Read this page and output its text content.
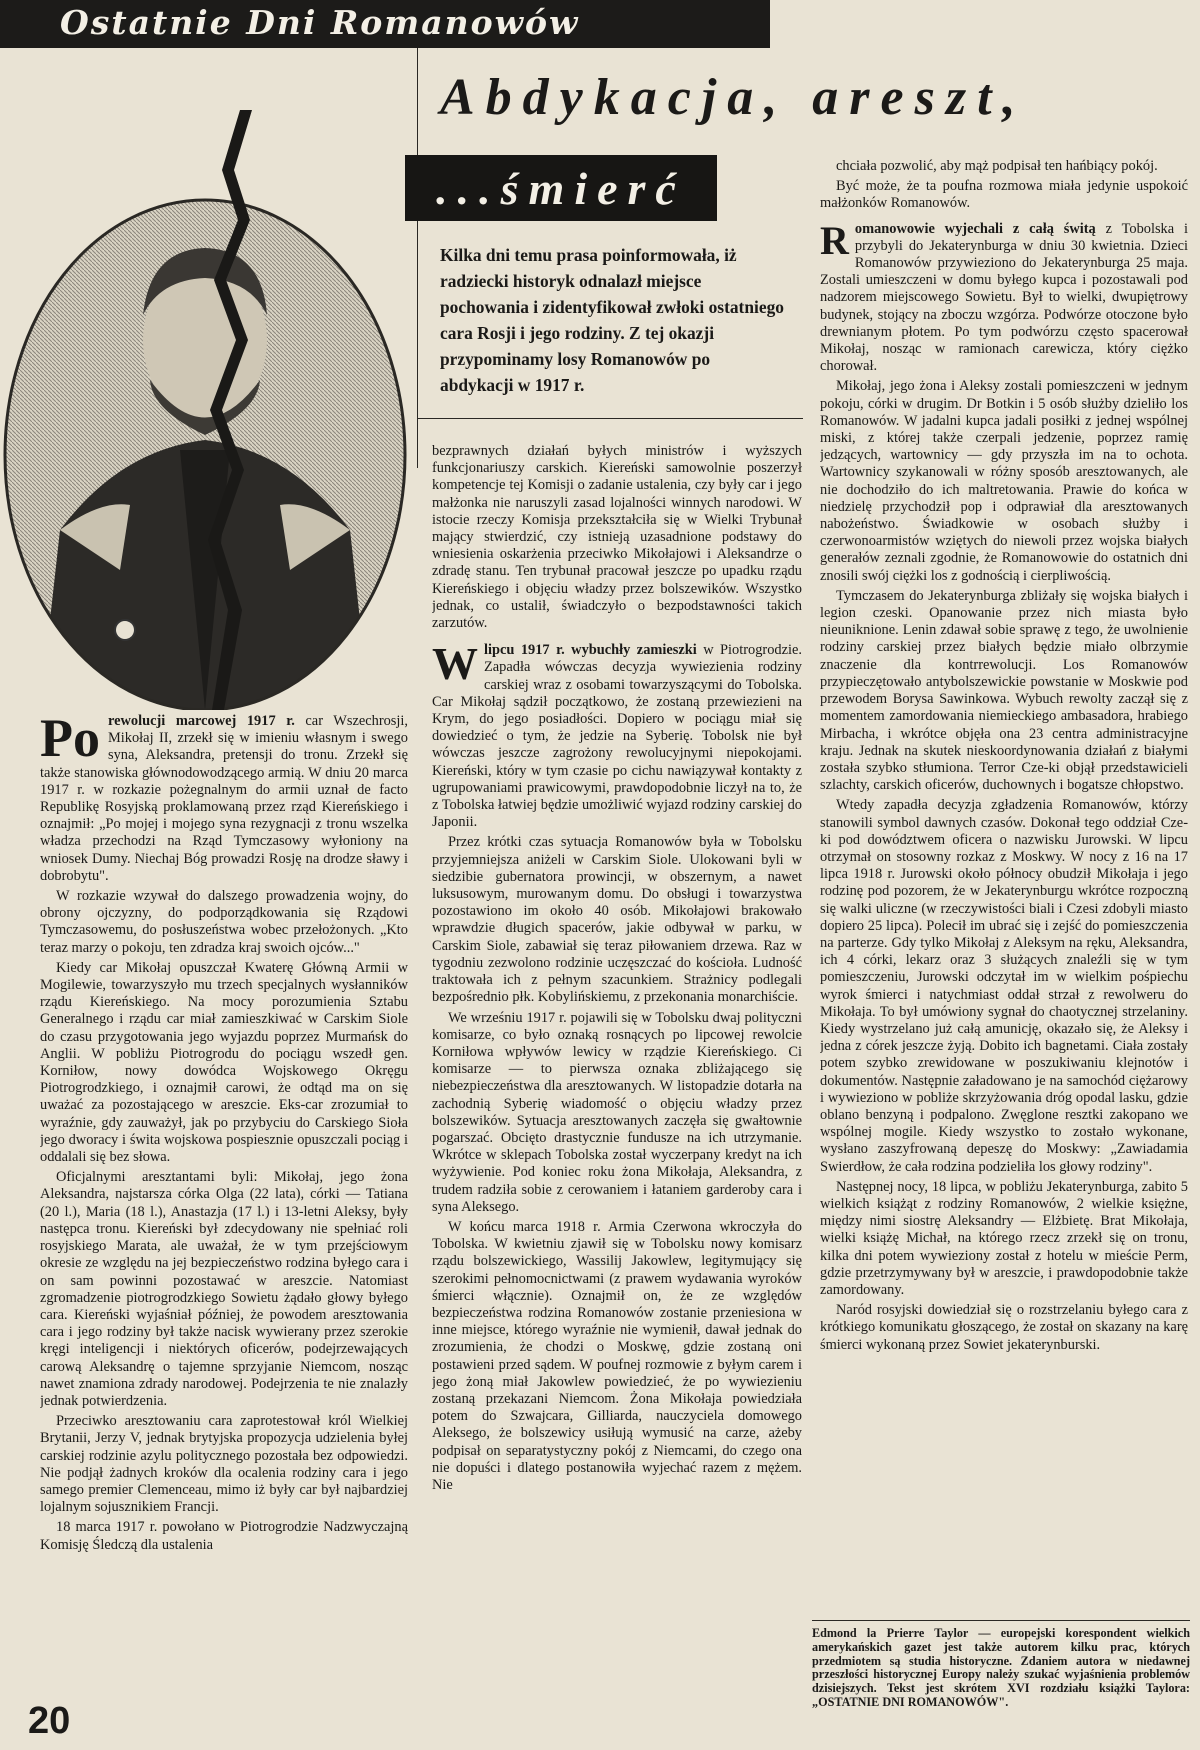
Ostatnie Dni Romanowów
Abdykacja, areszt,
...śmierć
Kilka dni temu prasa poinformowała, iż radziecki historyk odnalazł miejsce pochowania i zidentyfikował zwłoki ostatniego cara Rosji i jego rodziny. Z tej okazji przypominamy losy Romanowów po abdykacji w 1917 r.

Po rewolucji marcowej 1917 r. car Wszechrosji, Mikołaj II, zrzekł się w imieniu własnym i swego syna, Aleksandra, pretensji do tronu. Zrzekł się także stanowiska głównodowodzącego armią. W dniu 20 marca 1917 r. w rozkazie pożegnalnym do armii uznał de facto Republikę Rosyjską proklamowaną przez rząd Kiereńskiego i oznajmił: „Po mojej i mojego syna rezygnacji z tronu wszelka władza przechodzi na Rząd Tymczasowy wyłoniony na wniosek Dumy. Niechaj Bóg prowadzi Rosję na drodze sławy i dobrobytu".

W rozkazie wzywał do dalszego prowadzenia wojny, do obrony ojczyzny, do podporządkowania się Rządowi Tymczasowemu, do posłuszeństwa wobec przełożonych. „Kto teraz marzy o pokoju, ten zdradza kraj swoich ojców..."

Kiedy car Mikołaj opuszczał Kwaterę Główną Armii w Mogilewie, towarzyszyło mu trzech specjalnych wysłanników rządu Kiereńskiego. Na mocy porozumienia Sztabu Generalnego i rządu car miał zamieszkiwać w Carskim Siole do czasu przygotowania jego wyjazdu poprzez Murmańsk do Anglii. W pobliżu Piotrogrodu do pociągu wszedł gen. Korniłow, nowy dowódca Wojskowego Okręgu Piotrogrodzkiego, i oznajmił carowi, że odtąd ma on się uważać za pozostającego w areszcie. Eks-car zrozumiał to wyraźnie, gdy zauważył, jak po przybyciu do Carskiego Sioła jego dworacy i świta wojskowa pospiesznie opuszczali pociąg i oddalali się bez słowa.

Oficjalnymi aresztantami byli: Mikołaj, jego żona Aleksandra, najstarsza córka Olga (22 lata), córki — Tatiana (20 l.), Maria (18 l.), Anastazja (17 l.) i 13-letni Aleksy, były następca tronu. Kiereński był zdecydowany nie spełniać roli rosyjskiego Marata, ale uważał, że w tym przejściowym okresie ze względu na jej bezpieczeństwo rodzina byłego cara i on sam powinni pozostawać w areszcie. Natomiast zgromadzenie piotrogrodzkiego Sowietu żądało głowy byłego cara. Kiereński wyjaśniał później, że powodem aresztowania cara i jego rodziny był także nacisk wywierany przez szerokie kręgi inteligencji i niektórych oficerów, podejrzewających carową Aleksandrę o tajemne sprzyjanie Niemcom, nosząc nawet znamiona zdrady narodowej. Podejrzenia te nie znalazły jednak potwierdzenia.

Przeciwko aresztowaniu cara zaprotestował król Wielkiej Brytanii, Jerzy V, jednak brytyjska propozycja udzielenia byłej carskiej rodzinie azylu politycznego pozostała bez odpowiedzi. Nie podjął żadnych kroków dla ocalenia rodziny cara i jego samego premier Clemenceau, mimo iż były car był najbardziej lojalnym sojusznikiem Francji.

18 marca 1917 r. powołano w Piotrogrodzie Nadzwyczajną Komisję Śledczą dla ustalenia

bezprawnych działań byłych ministrów i wyższych funkcjonariuszy carskich. Kiereński samowolnie poszerzył kompetencje tej Komisji o zadanie ustalenia, czy były car i jego małżonka nie naruszyli zasad lojalności winnych narodowi. W istocie rzeczy Komisja przekształciła się w Wielki Trybunał mający stwierdzić, czy istnieją uzasadnione podstawy do wniesienia oskarżenia przeciwko Mikołajowi i Aleksandrze o zdradę stanu. Ten trybunał pracował jeszcze po upadku rządu Kiereńskiego i objęciu władzy przez bolszewików. Wszystko jednak, co ustalił, świadczyło o bezpodstawności takich zarzutów.

Wlipcu 1917 r. wybuchły zamieszki w Piotrogrodzie. Zapadła wówczas decyzja wywiezienia rodziny carskiej wraz z osobami towarzyszącymi do Tobolska. Car Mikołaj sądził początkowo, że zostaną przewiezieni na Krym, do jego posiadłości. Dopiero w pociągu miał się dowiedzieć o tym, że jedzie na Syberię. Tobolsk nie był wówczas jeszcze zagrożony rewolucyjnymi niepokojami. Kiereński, który w tym czasie po cichu nawiązywał kontakty z ugrupowaniami prawicowymi, prawdopodobnie liczył na to, że z Tobolska łatwiej będzie umożliwić wyjazd rodziny carskiej do Japonii.

Przez krótki czas sytuacja Romanowów była w Tobolsku przyjemniejsza aniżeli w Carskim Siole. Ulokowani byli w siedzibie gubernatora prowincji, w obszernym, a nawet luksusowym, murowanym domu. Do obsługi i towarzystwa pozostawiono im około 40 osób. Mikołajowi brakowało wprawdzie długich spacerów, jakie odbywał w parku, w Carskim Siole, zabawiał się teraz piłowaniem drzewa. Raz w tygodniu zezwolono rodzinie uczęszczać do kościoła. Ludność traktowała ich z pełnym szacunkiem. Strażnicy podlegali bezpośrednio płk. Kobylińskiemu, z przekonania monarchiście.

We wrześniu 1917 r. pojawili się w Tobolsku dwaj polityczni komisarze, co było oznaką rosnących po lipcowej rewolcie Korniłowa wpływów lewicy w rządzie Kiereńskiego. Ci komisarze — to pierwsza oznaka zbliżającego się niebezpieczeństwa dla aresztowanych. W listopadzie dotarła na zachodnią Syberię wiadomość o objęciu władzy przez bolszewików. Sytuacja aresztowanych zaczęła się gwałtownie pogarszać. Obcięto drastycznie fundusze na ich utrzymanie. Wkrótce w sklepach Tobolska został wyczerpany kredyt na ich wyżywienie. Pod koniec roku żona Mikołaja, Aleksandra, z trudem radziła sobie z cerowaniem i łataniem garderoby cara i syna Aleksego.

W końcu marca 1918 r. Armia Czerwona wkroczyła do Tobolska. W kwietniu zjawił się w Tobolsku nowy komisarz rządu bolszewickiego, Wassilij Jakowlew, legitymujący się szerokimi pełnomocnictwami (z prawem wydawania wyroków śmierci włącznie). Oznajmił on, że ze względów bezpieczeństwa rodzina Romanowów zostanie przeniesiona w inne miejsce, którego wyraźnie nie wymienił, dawał jednak do zrozumienia, że chodzi o Moskwę, gdzie zostaną oni postawieni przed sądem. W poufnej rozmowie z byłym carem i jego żoną miał Jakowlew powiedzieć, że po wywiezieniu zostaną przekazani Niemcom. Żona Mikołaja powiedziała potem do Szwajcara, Gilliarda, nauczyciela domowego Aleksego, że bolszewicy usiłują wymusić na carze, ażeby podpisał on separatystyczny pokój z Niemcami, do czego ona nie dopuści i dlatego postanowiła wyjechać razem z mężem. Nie

chciała pozwolić, aby mąż podpisał ten hańbiący pokój.

Być może, że ta poufna rozmowa miała jedynie uspokoić małżonków Romanowów.

Romanowowie wyjechali z całą świtą z Tobolska i przybyli do Jekaterynburga w dniu 30 kwietnia. Dzieci Romanowów przywieziono do Jekaterynburga 25 maja. Zostali umieszczeni w domu byłego kupca i pozostawali pod nadzorem miejscowego Sowietu. Był to wielki, dwupiętrowy budynek, stojący na zboczu wzgórza. Podwórze otoczone było drewnianym płotem. Po tym podwórzu często spacerował Mikołaj, nosząc w ramionach carewicza, który ciężko chorował.

Mikołaj, jego żona i Aleksy zostali pomieszczeni w jednym pokoju, córki w drugim. Dr Botkin i 5 osób służby dzieliło los Romanowów. W jadalni kupca jadali posiłki z jednej wspólnej miski, z której także czerpali jedzenie, poprzez ramię jedzących, wartownicy — gdy przyszła im na to ochota. Wartownicy szykanowali w różny sposób aresztowanych, ale nie dochodziło do ich maltretowania. Prawie do końca w niedzielę przychodził pop i odprawiał dla aresztowanych nabożeństwo. Świadkowie w osobach służby i czerwonoarmistów wziętych do niewoli przez wojska białych generałów zeznali zgodnie, że Romanowowie do ostatnich dni znosili swój ciężki los z godnością i cierpliwością.

Tymczasem do Jekaterynburga zbliżały się wojska białych i legion czeski. Opanowanie przez nich miasta było nieuniknione. Lenin zdawał sobie sprawę z tego, że uwolnienie rodziny carskiej przez białych będzie miało olbrzymie znaczenie dla kontrrewolucji. Los Romanowów przypieczętowało antybolszewickie powstanie w Moskwie pod przewodem Borysa Sawinkowa. Wybuch rewolty zaczął się z momentem zamordowania niemieckiego ambasadora, hrabiego Mirbacha, i wkrótce objęła ona 23 centra administracyjne kraju. Jednak na skutek nieskoordynowania działań z białymi została szybko stłumiona. Terror Cze-ki objął przedstawicieli szlachty, carskich oficerów, duchownych i bogatsze chłopstwo.

Wtedy zapadła decyzja zgładzenia Romanowów, którzy stanowili symbol dawnych czasów. Dokonał tego oddział Cze-ki pod dowództwem oficera o nazwisku Jurowski. W lipcu otrzymał on stosowny rozkaz z Moskwy. W nocy z 16 na 17 lipca 1918 r. Jurowski około północy obudził Mikołaja i jego rodzinę pod pozorem, że w Jekaterynburgu wkrótce rozpoczną się walki uliczne (w rzeczywistości biali i Czesi zdobyli miasto dopiero 25 lipca). Polecił im ubrać się i zejść do pomieszczenia na parterze. Gdy tylko Mikołaj z Aleksym na ręku, Aleksandra, ich 4 córki, lekarz oraz 3 służących znaleźli się w tym pomieszczeniu, Jurowski odczytał im w wielkim pośpiechu wyrok śmierci i natychmiast oddał strzał z rewolweru do Mikołaja. To był umówiony sygnał do chaotycznej strzelaniny. Kiedy wystrzelano już całą amunicję, okazało się, że Aleksy i jedna z córek jeszcze żyją. Dobito ich bagnetami. Ciała zostały potem szybko zrewidowane w poszukiwaniu klejnotów i dokumentów. Następnie załadowano je na samochód ciężarowy i wywieziono w pobliże skrzyżowania dróg opodal lasku, gdzie oblano benzyną i podpalono. Zwęglone resztki zakopano we wspólnej mogile. Kiedy wszystko to zostało wykonane, wysłano zaszyfrowaną depeszę do Moskwy: „Zawiadamia Swierdłow, że cała rodzina podzieliła los głowy rodziny".

Następnej nocy, 18 lipca, w pobliżu Jekaterynburga, zabito 5 wielkich książąt z rodziny Romanowów, 2 wielkie księżne, między nimi siostrę Aleksandry — Elżbietę. Brat Mikołaja, wielki książę Michał, na którego rzecz zrzekł się on tronu, kilka dni potem wywieziony został z hotelu w mieście Perm, gdzie przetrzymywany był w areszcie, i prawdopodobnie także zamordowany.

Naród rosyjski dowiedział się o rozstrzelaniu byłego cara z krótkiego komunikatu głoszącego, że został on skazany na karę śmierci wykonaną przez Sowiet jekaterynburski.

Edmond la Prierre Taylor — europejski korespondent wielkich amerykańskich gazet jest także autorem kilku prac, których przedmiotem są studia historyczne. Zdaniem autora w niedawnej przeszłości historycznej Europy należy szukać wyjaśnienia problemów dzisiejszych. Tekst jest skrótem XVI rozdziału książki Taylora: „OSTATNIE DNI ROMANOWÓW".
20
